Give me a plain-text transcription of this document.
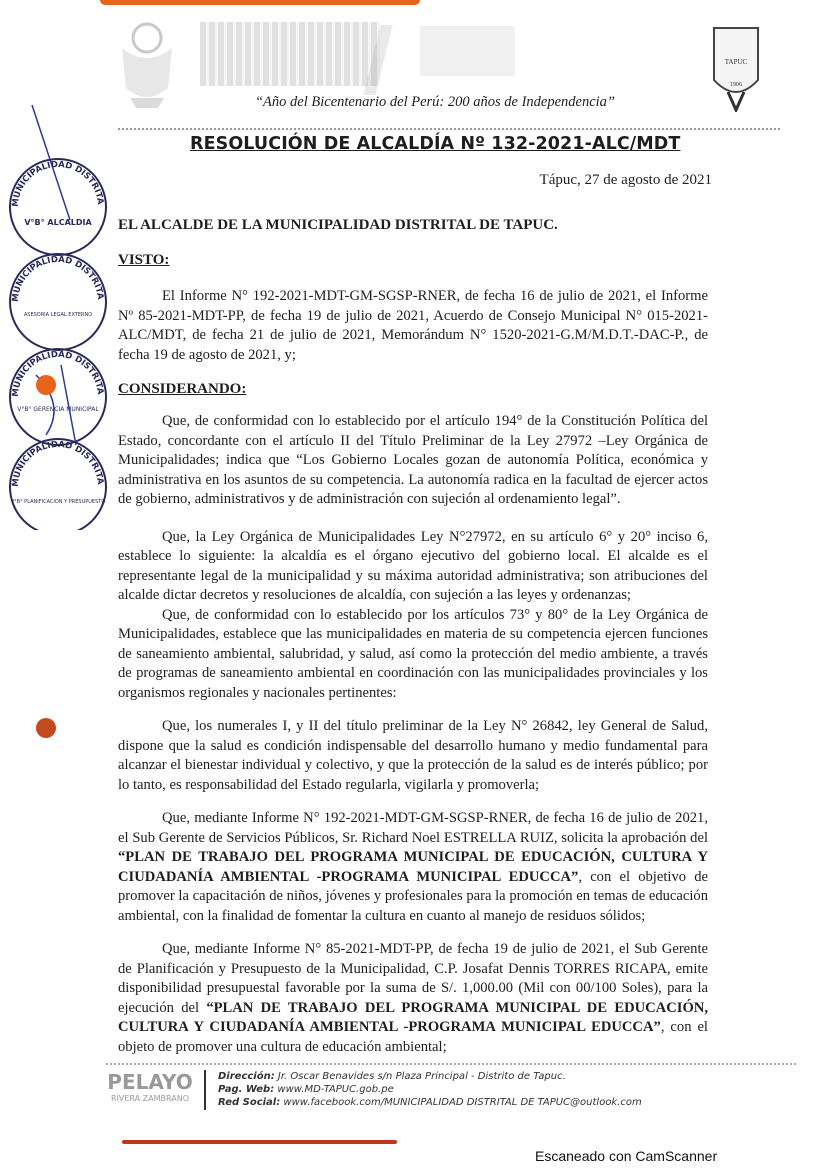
TAPUC
1906
“Año del Bicentenario del Perú: 200 años de Independencia”
RESOLUCIÓN DE ALCALDÍA Nº 132-2021-ALC/MDT
Tápuc, 27 de agosto de 2021
MUNICIPALIDAD DISTRITAL DE TAPUC
V°B° ALCALDIA
MUNICIPALIDAD DISTRITAL DE TAPUC
ASESORIA LEGAL EXTERNO
MUNICIPALIDAD DISTRITAL DE TAPUC
V°B° GERENCIA MUNICIPAL
MUNICIPALIDAD DISTRITAL DE TAPUC
V°B° PLANIFICACION Y PRESUPUESTO
EL ALCALDE DE LA MUNICIPALIDAD DISTRITAL DE TAPUC.
VISTO:

El Informe N° 192-2021-MDT-GM-SGSP-RNER, de fecha 16 de julio de 2021, el Informe Nº 85-2021-MDT-PP, de fecha 19 de julio de 2021, Acuerdo de Consejo Municipal N° 015-2021-ALC/MDT, de fecha 21 de julio de 2021, Memorándum N° 1520-2021-G.M/M.D.T.-DAC-P., de fecha 19 de agosto de 2021, y;

CONSIDERANDO:

Que, de conformidad con lo establecido por el artículo 194° de la Constitución Política del Estado, concordante con el artículo II del Título Preliminar de la Ley 27972 –Ley Orgánica de Municipalidades; indica que “Los Gobierno Locales gozan de autonomía Política, económica y administrativa en los asuntos de su competencia. La autonomía radica en la facultad de ejercer actos de gobierno, administrativos y de administración con sujeción al ordenamiento legal”.

Que, la Ley Orgánica de Municipalidades Ley N°27972, en su artículo 6° y 20° inciso 6, establece lo siguiente: la alcaldía es el órgano ejecutivo del gobierno local. El alcalde es el representante legal de la municipalidad y su máxima autoridad administrativa; son atribuciones del alcalde dictar decretos y resoluciones de alcaldía, con sujeción a las leyes y ordenanzas;

Que, de conformidad con lo establecido por los artículos 73° y 80° de la Ley Orgánica de Municipalidades, establece que las municipalidades en materia de su competencia ejercen funciones de saneamiento ambiental, salubridad, y salud, así como la protección del medio ambiente, a través de programas de saneamiento ambiental en coordinación con las municipalidades provinciales y los organismos regionales y nacionales pertinentes:

Que, los numerales I, y II del título preliminar de la Ley N° 26842, ley General de Salud, dispone que la salud es condición indispensable del desarrollo humano y medio fundamental para alcanzar el bienestar individual y colectivo, y que la protección de la salud es de interés público; por lo tanto, es responsabilidad del Estado regularla, vigilarla y promoverla;

Que, mediante Informe N° 192-2021-MDT-GM-SGSP-RNER, de fecha 16 de julio de 2021, el Sub Gerente de Servicios Públicos, Sr. Richard Noel ESTRELLA RUIZ, solicita la aprobación del “PLAN DE TRABAJO DEL PROGRAMA MUNICIPAL DE EDUCACIÓN, CULTURA Y CIUDADANÍA AMBIENTAL -PROGRAMA MUNICIPAL EDUCCA”, con el objetivo de promover la capacitación de niños, jóvenes y profesionales para la promoción en temas de educación ambiental, con la finalidad de fomentar la cultura en cuanto al manejo de residuos sólidos;

Que, mediante Informe N° 85-2021-MDT-PP, de fecha 19 de julio de 2021, el Sub Gerente de Planificación y Presupuesto de la Municipalidad, C.P. Josafat Dennis TORRES RICAPA, emite disponibilidad presupuestal favorable por la suma de S/. 1,000.00 (Mil con 00/100 Soles), para la ejecución del “PLAN DE TRABAJO DEL PROGRAMA MUNICIPAL DE EDUCACIÓN, CULTURA Y CIUDADANÍA AMBIENTAL -PROGRAMA MUNICIPAL EDUCCA”, con el objeto de promover una cultura de educación ambiental;

PELAYO
RIVERA ZAMBRANO
Dirección: Jr. Oscar Benavides s/n Plaza Principal - Distrito de Tapuc.
Pag. Web: www.MD-TAPUC.gob.pe
Red Social: www.facebook.com/MUNICIPALIDAD DISTRITAL DE TAPUC@outlook.com
Escaneado con CamScanner
